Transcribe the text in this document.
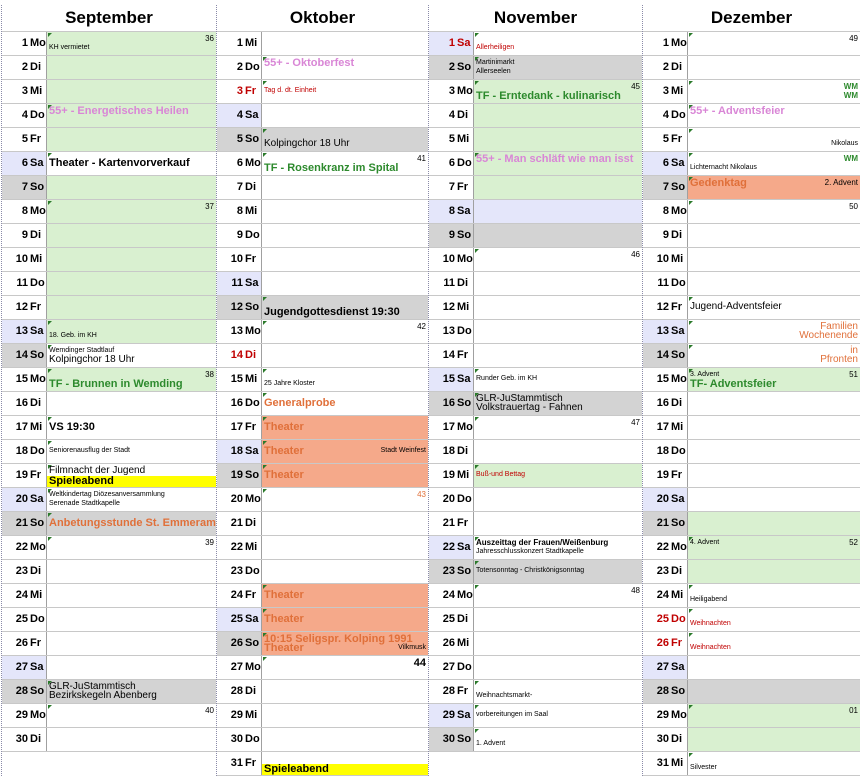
September
1 Mo	36
KH vermietet
2 Di
3 Mi
4 Do 55+ - Energetisches Heilen
5 Fr
6 Sa Theater - Kartenvorverkauf
7 So
8 Mo	37
9 Di
10 Mi
11 Do
12 Fr
13 Sa 18. Geb. im KH
14 So Wemdinger Stadtlauf
Kolpingchor 18 Uhr
15 Mo	38
TF - Brunnen in Wemding
16 Di
17 Mi VS 19:30
18 Do Seniorenausflug der Stadt
19 Fr Filmnacht der Jugend
Spieleabend
20 Sa Weltkindertag Diözesanversammlung
Serenade Stadtkapelle
21 So Anbetungsstunde St. Emmeram
22 Mo	39
23 Di
24 Mi
25 Do
26 Fr
27 Sa
28 So GLR-JuStammtisch
Bezirkskegeln Abenberg
29 Mo	40
30 Di
Oktober
1 Mi
2 Do 55+ - Oktoberfest
3 Fr	Tag d. dt. Einheit
4 Sa
5 So Kolpingchor 18 Uhr
6 Mo	41
TF - Rosenkranz im Spital
7 Di
8 Mi
9 Do
10 Fr
11 Sa
12 So Jugendgottesdienst 19:30
13 Mo	42
14 Di
15 Mi 25 Jahre Kloster
16 Do Generalprobe
17 Fr Theater
18 Sa Theater	Stadt Weinfest
19 So Theater
20 Mo	43
21 Di
22 Mi
23 Do
24 Fr Theater
25 Sa Theater
26 So 10:15 Seligspr. Kolping 1991
Theater	Vilkmusk
27 Mo	44
28 Di
29 Mi
30 Do
31 Fr Spieleabend
November
1 Sa Allerheiligen
2 So Martinimarkt
Allerseelen
3 Mo	45
TF - Erntedank - kulinarisch
4 Di
5 Mi
6 Do 55+ - Man schläft wie man isst
7 Fr
8 Sa
9 So
10 Mo	46
11 Di
12 Mi
13 Do
14 Fr
15 Sa Runder Geb. im KH
16 So GLR-JuStammtisch
Volkstrauertag - Fahnen
17 Mo	47
18 Di
19 Mi Buß-und Bettag
20 Do
21 Fr
22 Sa Auszeittag der Frauen/Weißenburg
Jahresschlusskonzert Stadtkapelle
23 So Totensonntag - Christkönigsonntag
24 Mo	48
25 Di
26 Mi
27 Do
28 Fr	Weihnachtsmarkt-
29 Sa vorbereitungen im Saal
30 So 1. Advent
Dezember
1 Mo	49
2 Di
3 Mi	WM
WM
4 Do 55+ - Adventsfeier
5 Fr	Nikolaus
6 Sa	WM
Lichternacht Nikolaus
7 So Gedenktag	2. Advent
8 Mo	50
9 Di
10 Mi
11 Do
12 Fr Jugend-Adventsfeier
13 Sa	Familien
Wochenende
14 So	in
Pfronten
15 Mo 3. Advent	51
TF- Adventsfeier
16 Di
17 Mi
18 Do
19 Fr
20 Sa
21 So
22 Mo 4. Advent	52
23 Di
24 Mi Heiligabend
25 Do Weihnachten
26 Fr	Weihnachten
27 Sa
28 So
29 Mo	01
30 Di
31 Mi Silvester
